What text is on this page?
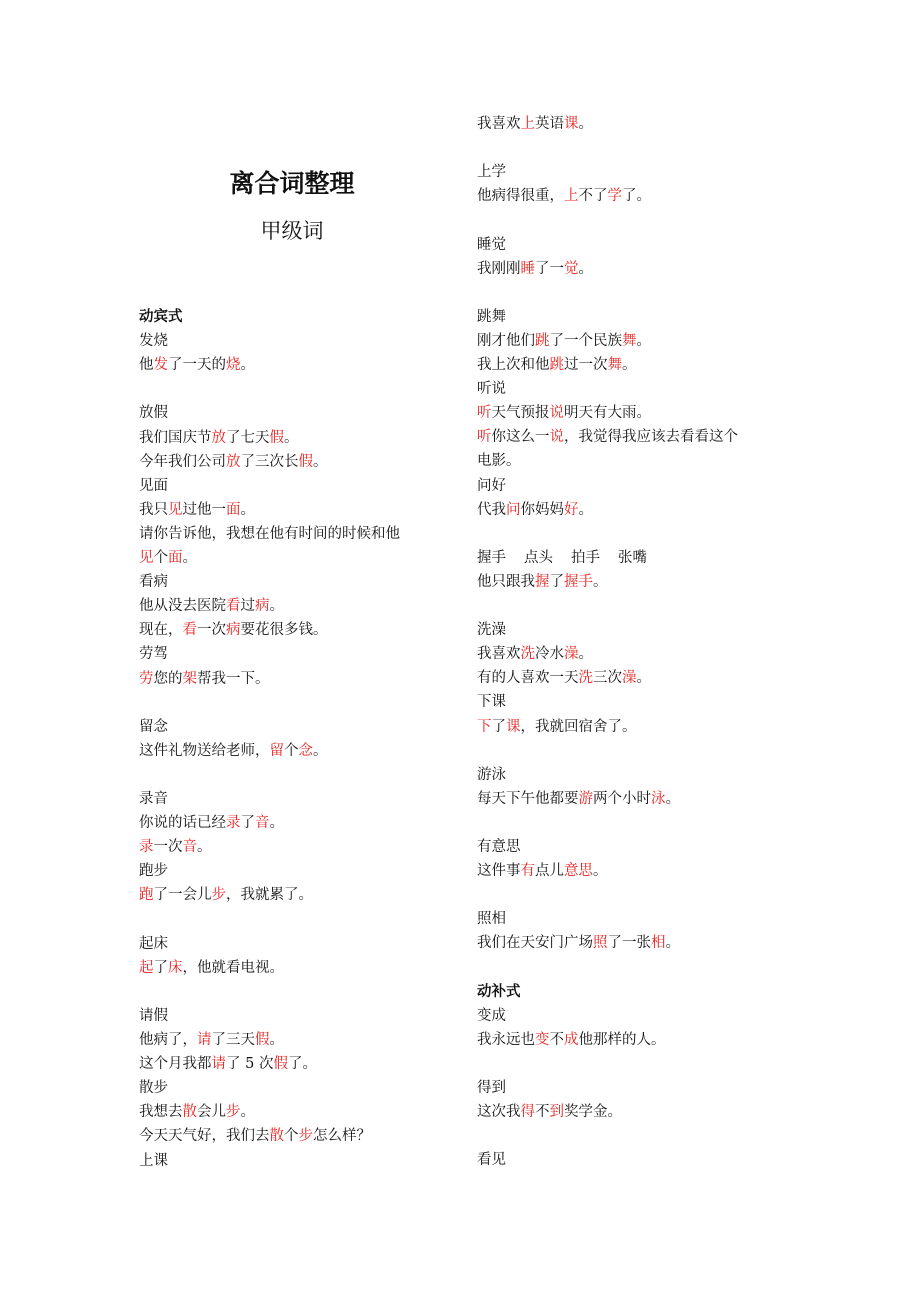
离合词整理
甲级词
动宾式
发烧
他发了一天的烧。
放假
我们国庆节放了七天假。
今年我们公司放了三次长假。
见面
我只见过他一面。
请你告诉他，我想在他有时间的时候和他
见个面。
看病
他从没去医院看过病。
现在，看一次病要花很多钱。
劳驾
劳您的架帮我一下。
留念
这件礼物送给老师，留个念。
录音
你说的话已经录了音。
录一次音。
跑步
跑了一会儿步，我就累了。
起床
起了床，他就看电视。
请假
他病了，请了三天假。
这个月我都请了 5 次假了。
散步
我想去散会儿步。
今天天气好，我们去散个步怎么样？
上课
我喜欢上英语课。
上学
他病得很重，上不了学了。
睡觉
我刚刚睡了一觉。
跳舞
刚才他们跳了一个民族舞。
我上次和他跳过一次舞。
听说
听天气预报说明天有大雨。
听你这么一说，我觉得我应该去看看这个
电影。
问好
代我问你妈妈好。
握手 点头 拍手 张嘴
他只跟我握了握手。
洗澡
我喜欢洗冷水澡。
有的人喜欢一天洗三次澡。
下课
下了课，我就回宿舍了。
游泳
每天下午他都要游两个小时泳。
有意思
这件事有点儿意思。
照相
我们在天安门广场照了一张相。
动补式
变成
我永远也变不成他那样的人。
得到
这次我得不到奖学金。
看见
